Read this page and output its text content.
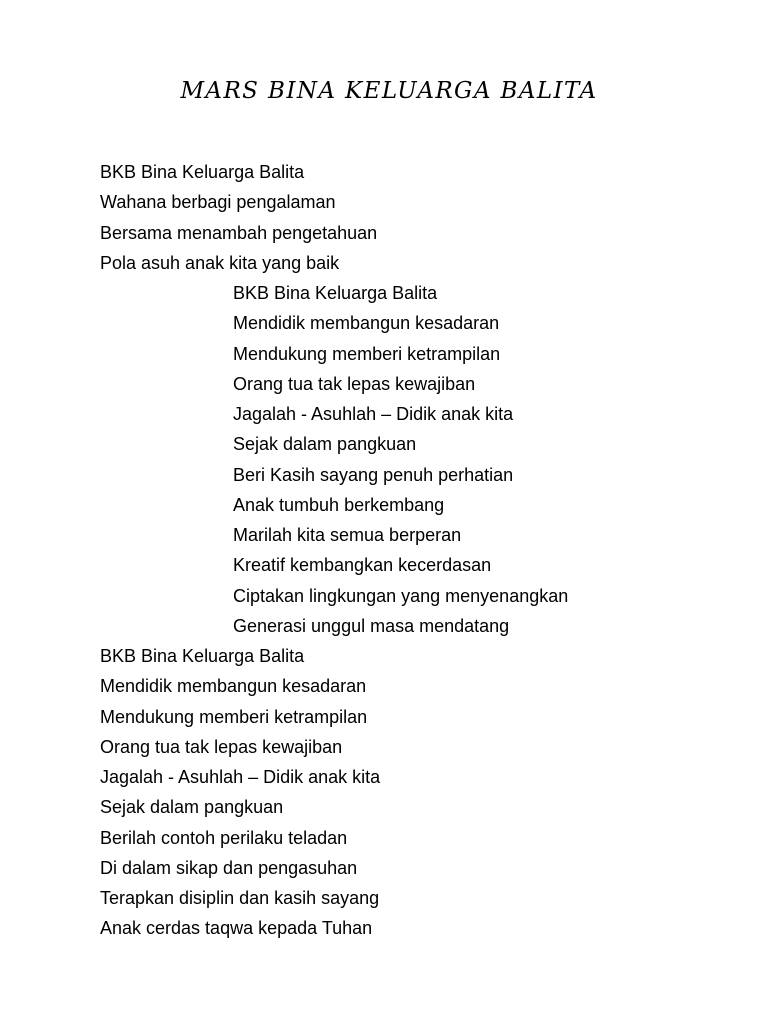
MARS BINA KELUARGA BALITA
BKB Bina Keluarga Balita
Wahana berbagi pengalaman
Bersama menambah pengetahuan
Pola asuh anak kita yang baik
BKB Bina Keluarga Balita
Mendidik membangun kesadaran
Mendukung memberi ketrampilan
Orang tua tak lepas kewajiban
Jagalah - Asuhlah – Didik anak kita
Sejak dalam pangkuan
Beri Kasih sayang penuh perhatian
Anak tumbuh berkembang
Marilah kita semua berperan
Kreatif kembangkan kecerdasan
Ciptakan lingkungan yang menyenangkan
Generasi unggul masa mendatang
BKB Bina Keluarga Balita
Mendidik membangun kesadaran
Mendukung memberi ketrampilan
Orang tua tak lepas kewajiban
Jagalah - Asuhlah – Didik anak kita
Sejak dalam pangkuan
Berilah contoh perilaku teladan
Di dalam sikap dan pengasuhan
Terapkan disiplin dan kasih sayang
Anak cerdas taqwa kepada Tuhan
